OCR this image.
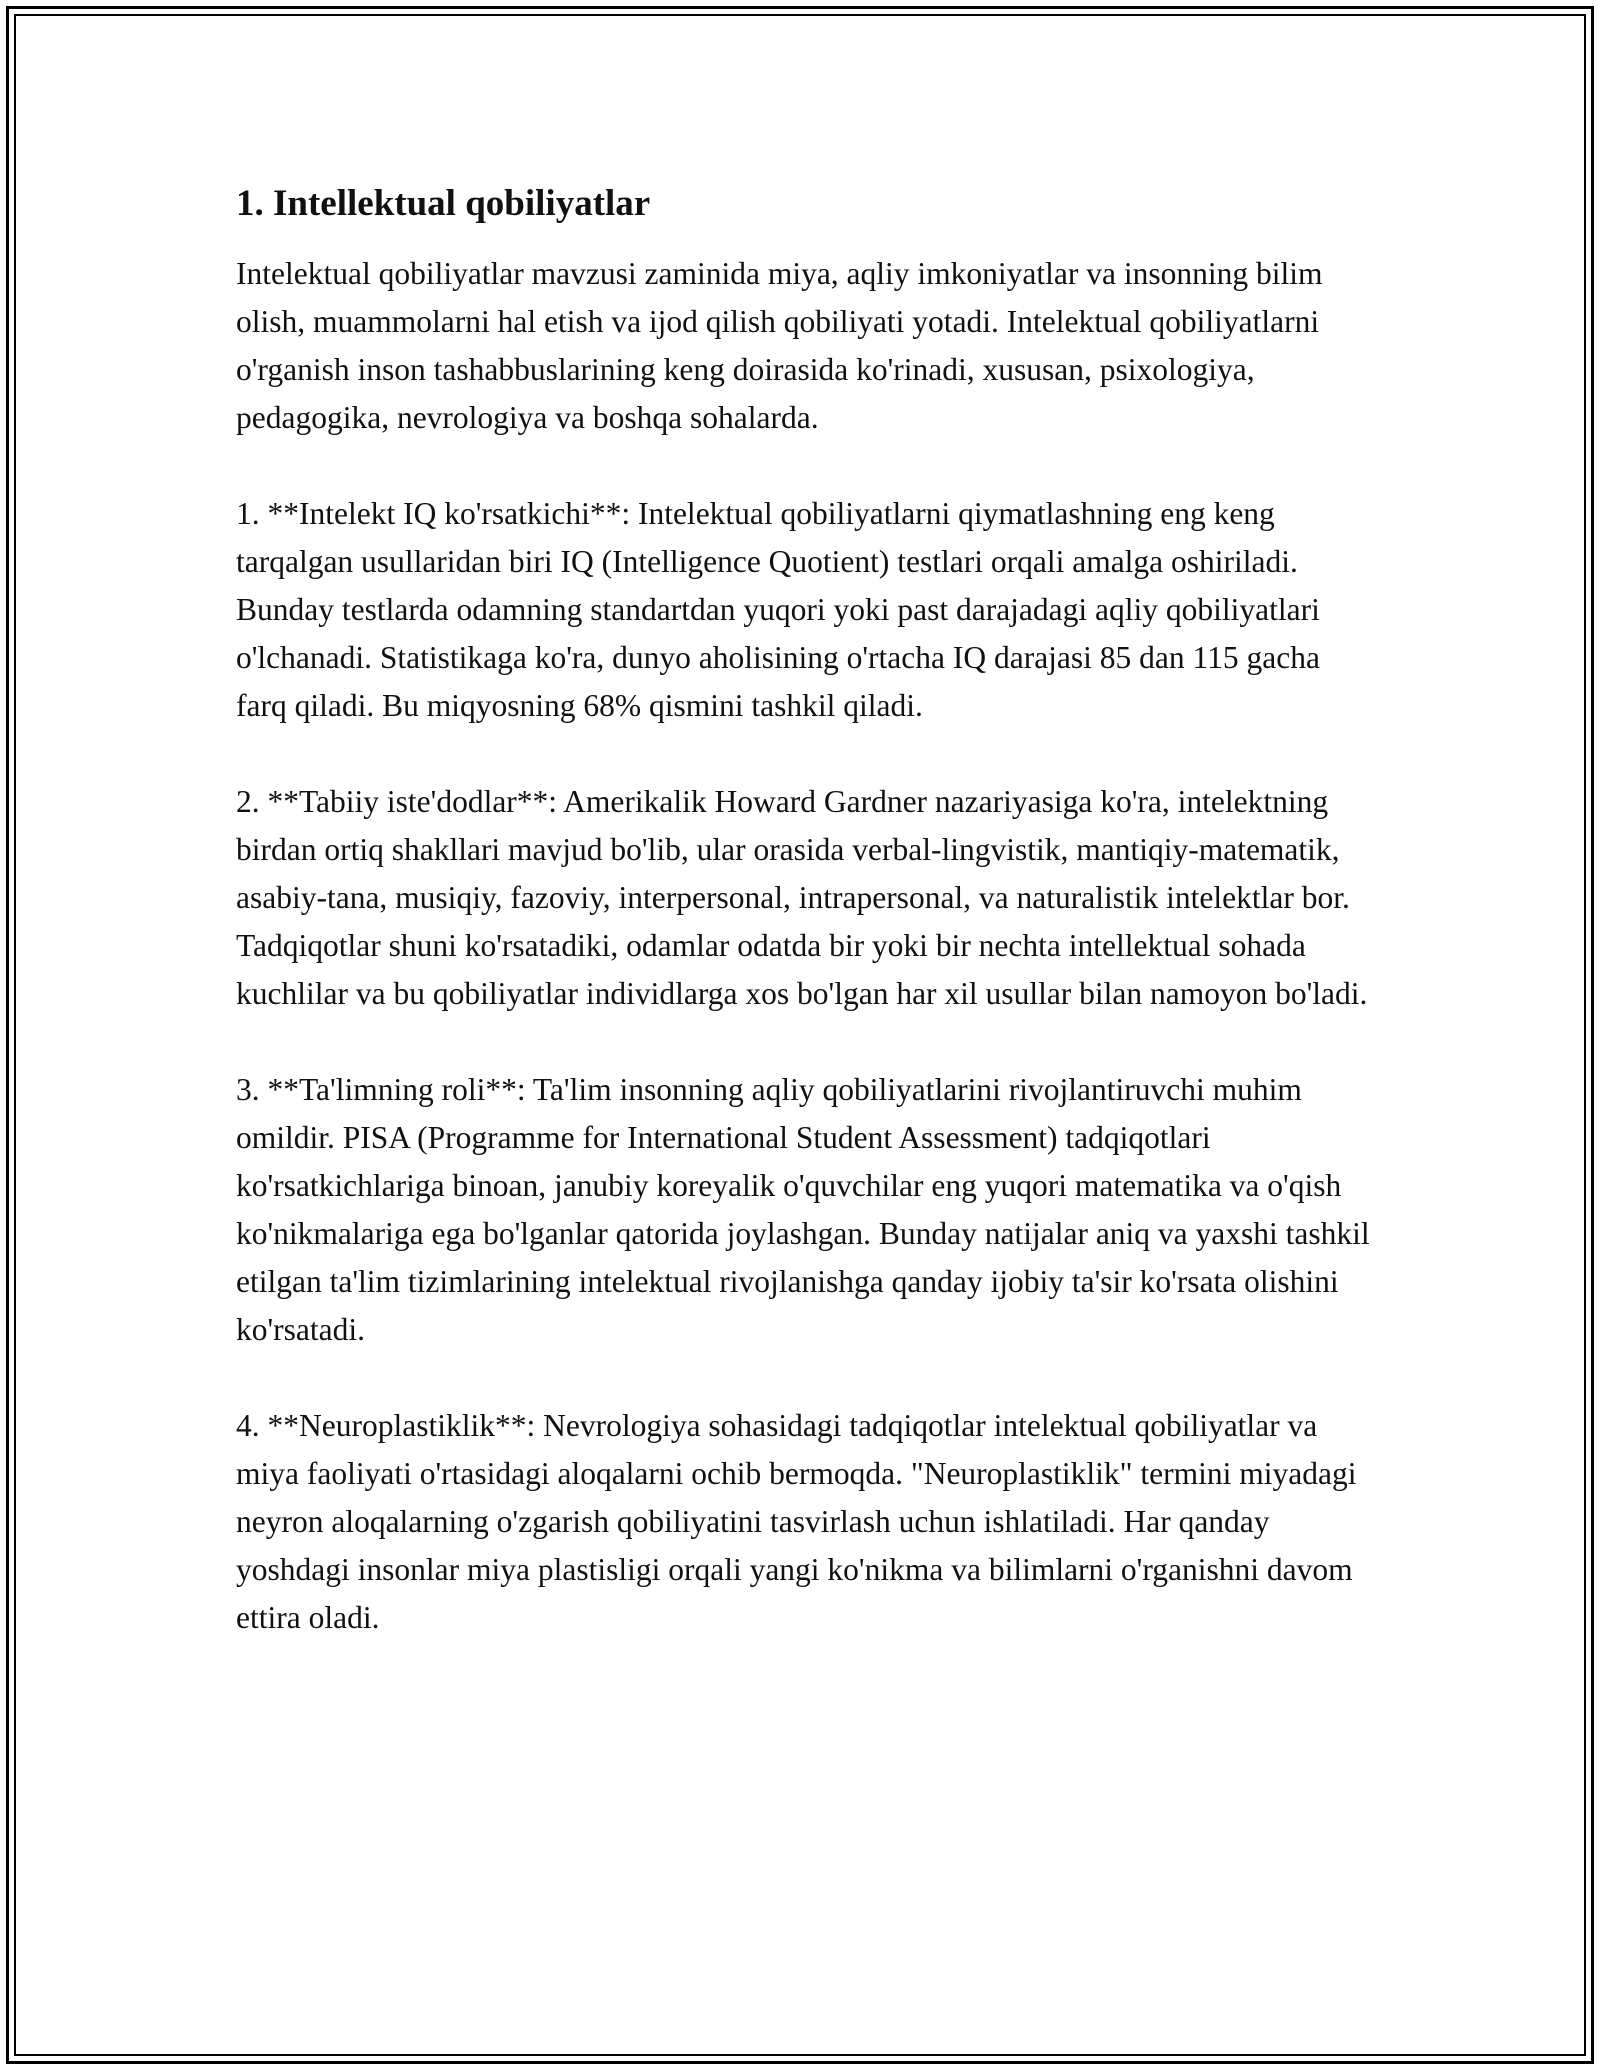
1. Intellektual qobiliyatlar

Intelektual qobiliyatlar mavzusi zaminida miya, aqliy imkoniyatlar va insonning bilim olish, muammolarni hal etish va ijod qilish qobiliyati yotadi. Intelektual qobiliyatlarni o'rganish inson tashabbuslarining keng doirasida ko'rinadi, xususan, psixologiya, pedagogika, nevrologiya va boshqa sohalarda.

1. **Intelekt IQ ko'rsatkichi**: Intelektual qobiliyatlarni qiymatlashning eng keng tarqalgan usullaridan biri IQ (Intelligence Quotient) testlari orqali amalga oshiriladi. Bunday testlarda odamning standartdan yuqori yoki past darajadagi aqliy qobiliyatlari o'lchanadi. Statistikaga ko'ra, dunyo aholisining o'rtacha IQ darajasi 85 dan 115 gacha farq qiladi. Bu miqyosning 68% qismini tashkil qiladi.

2. **Tabiiy iste'dodlar**: Amerikalik Howard Gardner nazariyasiga ko'ra, intelektning birdan ortiq shakllari mavjud bo'lib, ular orasida verbal-lingvistik, mantiqiy-matematik, asabiy-tana, musiqiy, fazoviy, interpersonal, intrapersonal, va naturalistik intelektlar bor. Tadqiqotlar shuni ko'rsatadiki, odamlar odatda bir yoki bir nechta intellektual sohada kuchlilar va bu qobiliyatlar individlarga xos bo'lgan har xil usullar bilan namoyon bo'ladi.

3. **Ta'limning roli**: Ta'lim insonning aqliy qobiliyatlarini rivojlantiruvchi muhim omildir. PISA (Programme for International Student Assessment) tadqiqotlari ko'rsatkichlariga binoan, janubiy koreyalik o'quvchilar eng yuqori matematika va o'qish ko'nikmalariga ega bo'lganlar qatorida joylashgan. Bunday natijalar aniq va yaxshi tashkil etilgan ta'lim tizimlarining intelektual rivojlanishga qanday ijobiy ta'sir ko'rsata olishini ko'rsatadi.

4. **Neuroplastiklik**: Nevrologiya sohasidagi tadqiqotlar intelektual qobiliyatlar va miya faoliyati o'rtasidagi aloqalarni ochib bermoqda. "Neuroplastiklik" termini miyadagi neyron aloqalarning o'zgarish qobiliyatini tasvirlash uchun ishlatiladi. Har qanday yoshdagi insonlar miya plastisligi orqali yangi ko'nikma va bilimlarni o'rganishni davom ettira oladi.
